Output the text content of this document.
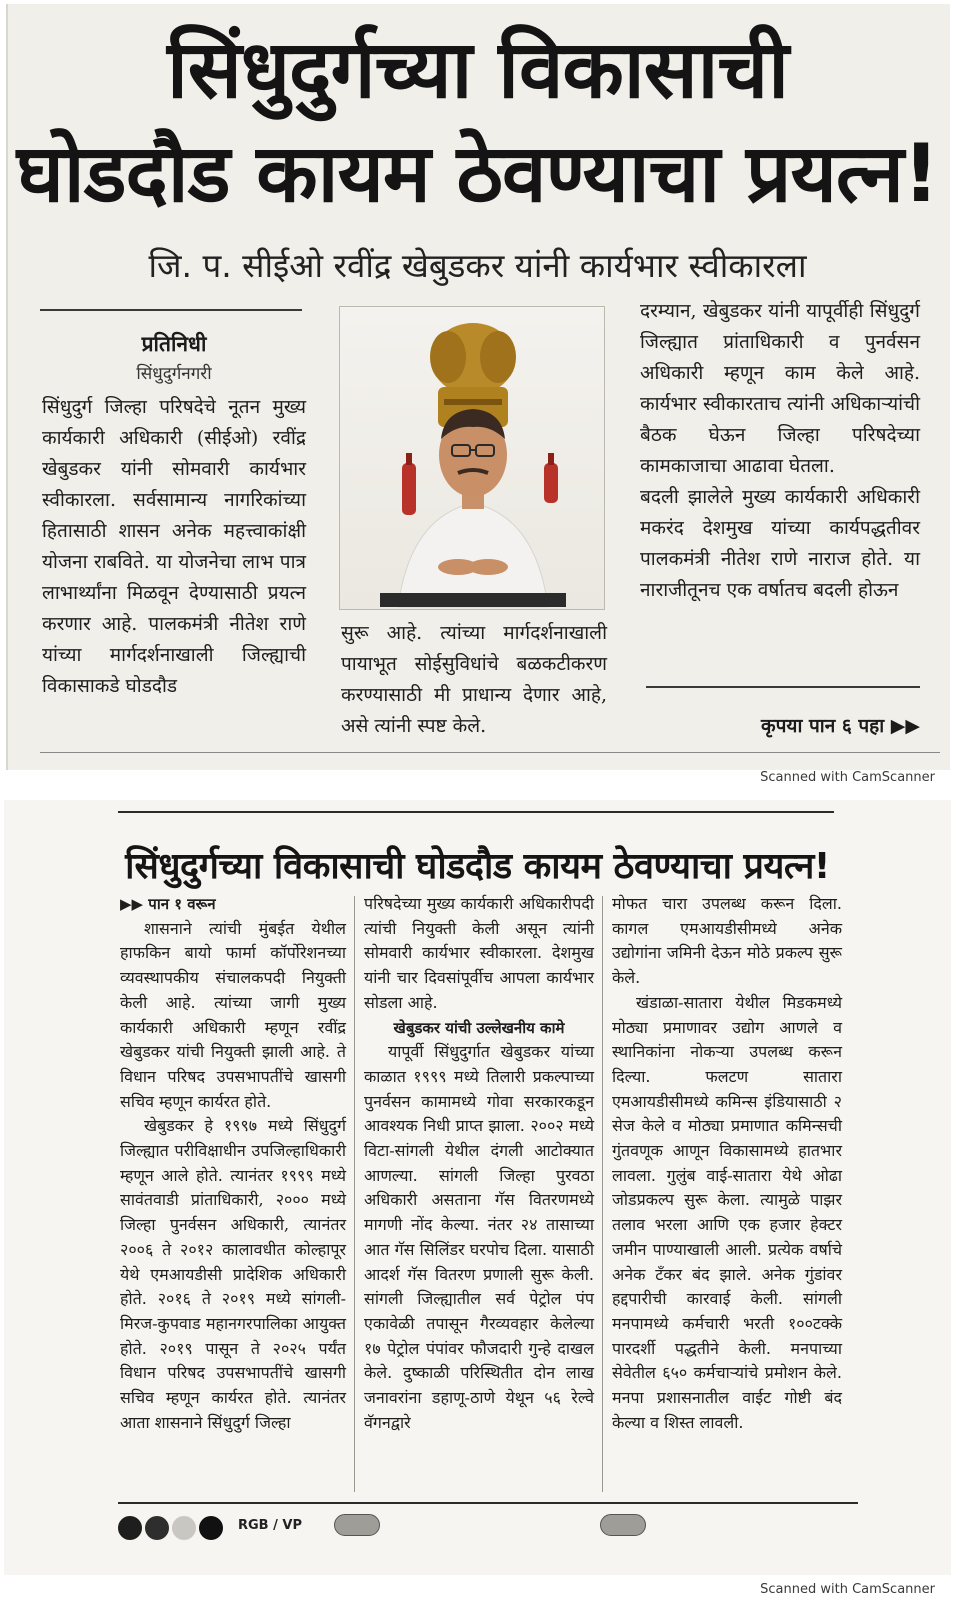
सिंधुदुर्गच्या विकासाची
घोडदौड कायम ठेवण्याचा प्रयत्न!
जि. प. सीईओ रवींद्र खेबुडकर यांनी कार्यभार स्वीकारला
प्रतिनिधी
सिंधुदुर्गनगरी

सिंधुदुर्ग जिल्हा परिषदेचे नूतन मुख्य कार्यकारी अधिकारी (सीईओ) रवींद्र खेबुडकर यांनी सोमवारी कार्यभार स्वीकारला. सर्वसामान्य नागरिकांच्या हितासाठी शासन अनेक महत्त्वाकांक्षी योजना राबविते. या योजनेचा लाभ पात्र लाभार्थ्यांना मिळवून देण्यासाठी प्रयत्न करणार आहे. पालकमंत्री नीतेश राणे यांच्या मार्गदर्शनाखाली जिल्ह्याची विकासाकडे घोडदौड

सुरू आहे. त्यांच्या मार्गदर्शनाखाली पायाभूत सोईसुविधांचे बळकटीकरण करण्यासाठी मी प्राधान्य देणार आहे, असे त्यांनी स्पष्ट केले.

दरम्यान, खेबुडकर यांनी यापूर्वीही सिंधुदुर्ग जिल्ह्यात प्रांताधिकारी व पुनर्वसन अधिकारी म्हणून काम केले आहे. कार्यभार स्वीकारताच त्यांनी अधिकाऱ्यांची बैठक घेऊन जिल्हा परिषदेच्या कामकाजाचा आढावा घेतला.

बदली झालेले मुख्य कार्यकारी अधिकारी मकरंद देशमुख यांच्या कार्यपद्धतीवर पालकमंत्री नीतेश राणे नाराज होते. या नाराजीतूनच एक वर्षातच बदली होऊन

कृपया पान ६ पहा ▶▶
Scanned with CamScanner
सिंधुदुर्गच्या विकासाची घोडदौड कायम ठेवण्याचा प्रयत्न!

▶▶ पान १ वरून

शासनाने त्यांची मुंबईत येथील हाफकिन बायो फार्मा कॉर्पोरेशनच्या व्यवस्थापकीय संचालकपदी नियुक्ती केली आहे. त्यांच्या जागी मुख्य कार्यकारी अधिकारी म्हणून रवींद्र खेबुडकर यांची नियुक्ती झाली आहे. ते विधान परिषद उपसभापतींचे खासगी सचिव म्हणून कार्यरत होते.

खेबुडकर हे १९९७ मध्ये सिंधुदुर्ग जिल्ह्यात परीविक्षाधीन उपजिल्हाधिकारी म्हणून आले होते. त्यानंतर १९९९ मध्ये सावंतवाडी प्रांताधिकारी, २००० मध्ये जिल्हा पुनर्वसन अधिकारी, त्यानंतर २००६ ते २०१२ कालावधीत कोल्हापूर येथे एमआयडीसी प्रादेशिक अधिकारी होते. २०१६ ते २०१९ मध्ये सांगली-मिरज-कुपवाड महानगरपालिका आयुक्त होते. २०१९ पासून ते २०२५ पर्यंत विधान परिषद उपसभापतींचे खासगी सचिव म्हणून कार्यरत होते. त्यानंतर आता शासनाने सिंधुदुर्ग जिल्हा

परिषदेच्या मुख्य कार्यकारी अधिकारीपदी त्यांची नियुक्ती केली असून त्यांनी सोमवारी कार्यभार स्वीकारला. देशमुख यांनी चार दिवसांपूर्वीच आपला कार्यभार सोडला आहे.

खेबुडकर यांची उल्लेखनीय कामे

यापूर्वी सिंधुदुर्गात खेबुडकर यांच्या काळात १९९९ मध्ये तिलारी प्रकल्पाच्या पुनर्वसन कामामध्ये गोवा सरकारकडून आवश्यक निधी प्राप्त झाला. २००२ मध्ये विटा-सांगली येथील दंगली आटोक्यात आणल्या. सांगली जिल्हा पुरवठा अधिकारी असताना गॅस वितरणमध्ये मागणी नोंद केल्या. नंतर २४ तासाच्या आत गॅस सिलिंडर घरपोच दिला. यासाठी आदर्श गॅस वितरण प्रणाली सुरू केली. सांगली जिल्ह्यातील सर्व पेट्रोल पंप एकावेळी तपासून गैरव्यवहार केलेल्या १७ पेट्रोल पंपांवर फौजदारी गुन्हे दाखल केले. दुष्काळी परिस्थितीत दोन लाख जनावरांना डहाणू-ठाणे येथून ५६ रेल्वे वॅगनद्वारे

मोफत चारा उपलब्ध करून दिला. कागल एमआयडीसीमध्ये अनेक उद्योगांना जमिनी देऊन मोठे प्रकल्प सुरू केले.

खंडाळा-सातारा येथील मिडकमध्ये मोठ्या प्रमाणावर उद्योग आणले व स्थानिकांना नोकऱ्या उपलब्ध करून दिल्या. फलटण सातारा एमआयडीसीमध्ये कमिन्स इंडियासाठी २ सेज केले व मोठ्या प्रमाणात कमिन्सची गुंतवणूक आणून विकासामध्ये हातभार लावला. गुलुंब वाई-सातारा येथे ओढा जोडप्रकल्प सुरू केला. त्यामुळे पाझर तलाव भरला आणि एक हजार हेक्टर जमीन पाण्याखाली आली. प्रत्येक वर्षाचे अनेक टँकर बंद झाले. अनेक गुंडांवर हद्दपारीची कारवाई केली. सांगली मनपामध्ये कर्मचारी भरती १००टक्के पारदर्शी पद्धतीने केली. मनपाच्या सेवेतील ६५० कर्मचाऱ्यांचे प्रमोशन केले. मनपा प्रशासनातील वाईट गोष्टी बंद केल्या व शिस्त लावली.

RGB / VP
Scanned with CamScanner
